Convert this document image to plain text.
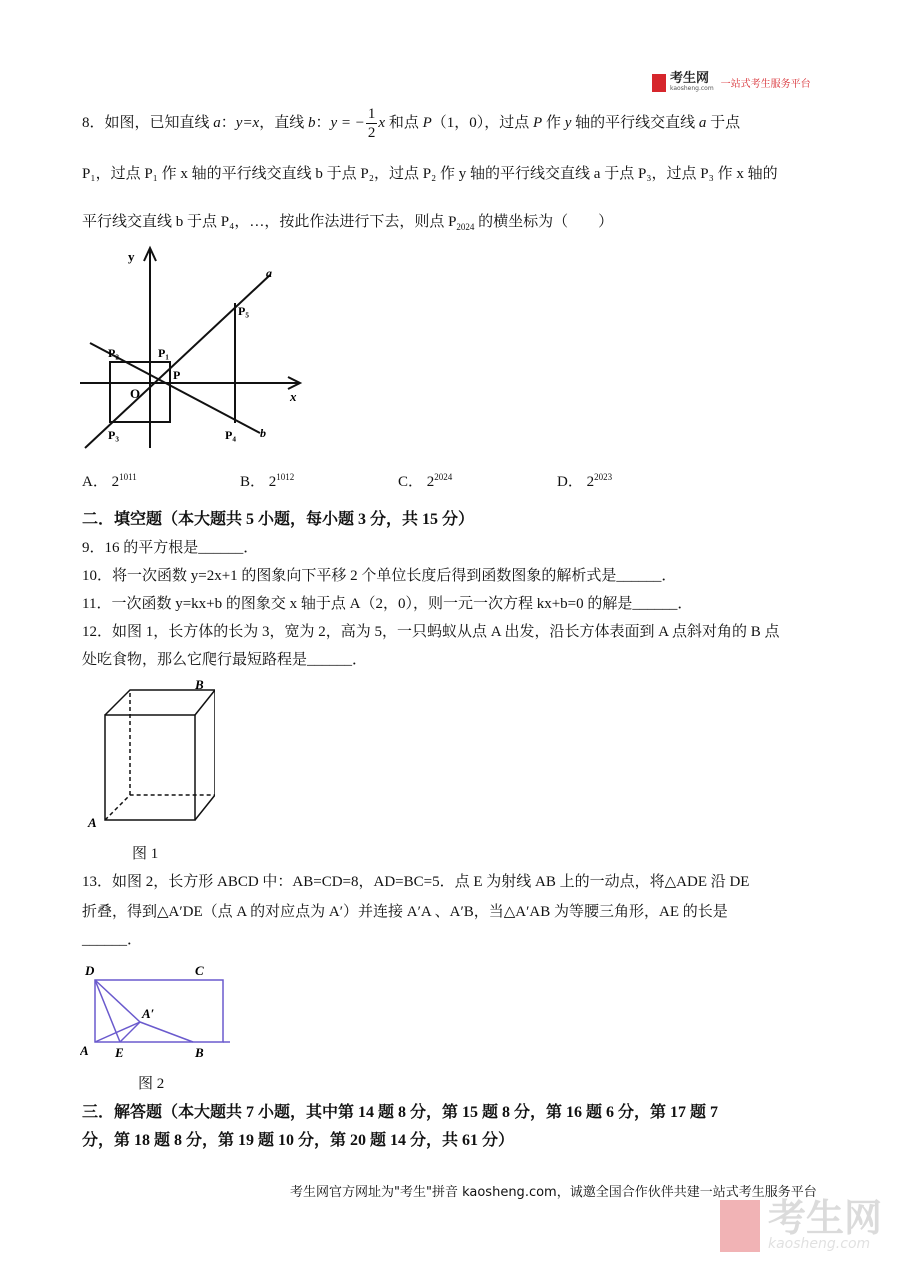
考生网
kaosheng.com 一站式考生服务平台
8．如图，已知直线 a：y=x，直线 b：y = − $\frac{1}{2}$ x 和点 P（1，0），过点 P 作 y 轴的平行线交直线 a 于点
P₁，过点 P₁ 作 x 轴的平行线交直线 b 于点 P₂，过点 P₂ 作 y 轴的平行线交直线 a 于点 P₃，过点 P₃ 作 x 轴的
平行线交直线 b 于点 P₄，…，按此作法进行下去，则点 $P_{2024}$ 的横坐标为（　　）
y
x
a
b
O
P
P₁
P₂
P₃	P₄
P₅
A． $2^{1011}$	B． $2^{1012}$	C． $2^{2024}$	D． $2^{2023}$
二．填空题（本大题共 5 小题，每小题 3 分，共 15 分）
9．16 的平方根是______．
10．将一次函数 y=2x+1 的图象向下平移 2 个单位长度后得到函数图象的解析式是______．
11．一次函数 y=kx+b 的图象交 x 轴于点 A（2，0），则一元一次方程 kx+b=0 的解是______．
12．如图 1，长方体的长为 3，宽为 2，高为 5，一只蚂蚁从点 A 出发，沿长方体表面到 A 点斜对角的 B 点
处吃食物，那么它爬行最短路程是______．
A
B
图 1
13．如图 2，长方形 ABCD 中：AB=CD=8，AD=BC=5．点 E 为射线 AB 上的一动点，将△ADE 沿 DE
折叠，得到△A′DE（点 A 的对应点为 A′）并连接 A′A 、A′B，当△A′AB 为等腰三角形，AE 的长是
______．
D	C
A E	B
A′
图 2
三．解答题（本大题共 7 小题，其中第 14 题 8 分，第 15 题 8 分，第 16 题 6 分，第 17 题 7
分，第 18 题 8 分，第 19 题 10 分，第 20 题 14 分，共 61 分）
考生网官方网址为"考生"拼音 kaosheng.com，诚邀全国合作伙伴共建一站式考生服务平台
考生网
kaosheng.com
